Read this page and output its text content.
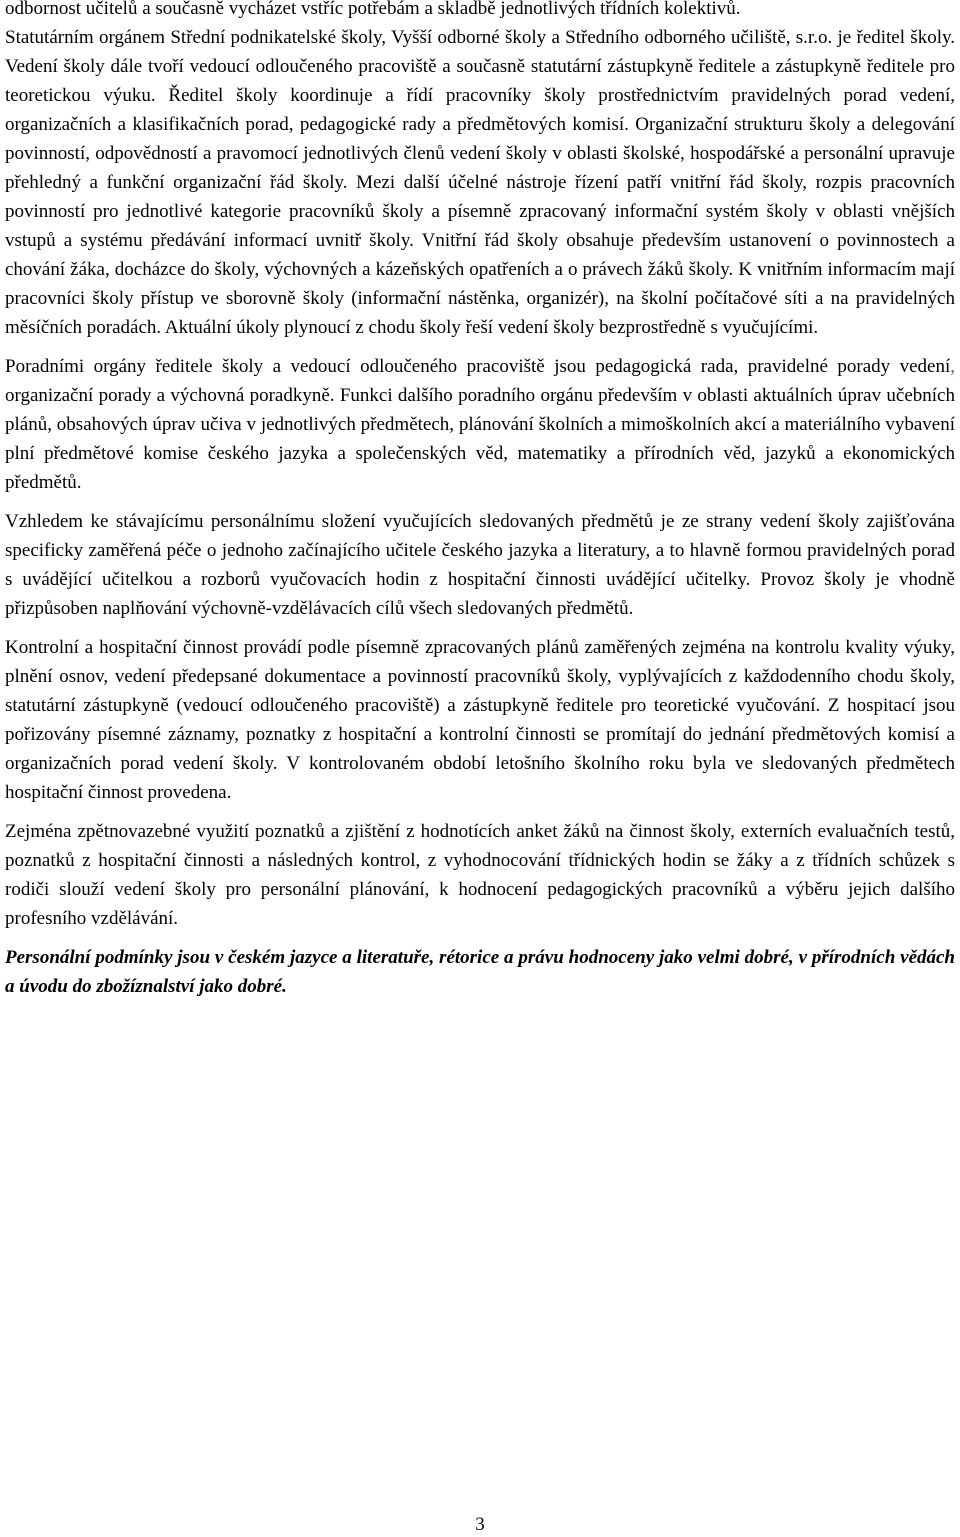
odbornost učitelů a současně vycházet vstříc potřebám a skladbě jednotlivých třídních kolektivů.

Statutárním orgánem Střední podnikatelské školy, Vyšší odborné školy a Středního odborného učiliště, s.r.o. je ředitel školy. Vedení školy dále tvoří vedoucí odloučeného pracoviště a současně statutární zástupkyně ředitele a zástupkyně ředitele pro teoretickou výuku. Ředitel školy koordinuje a řídí pracovníky školy prostřednictvím pravidelných porad vedení, organizačních a klasifikačních porad, pedagogické rady a předmětových komisí. Organizační strukturu školy a delegování povinností, odpovědností a pravomocí jednotlivých členů vedení školy v oblasti školské, hospodářské a personální upravuje přehledný a funkční organizační řád školy. Mezi další účelné nástroje řízení patří vnitřní řád školy, rozpis pracovních povinností pro jednotlivé kategorie pracovníků školy a písemně zpracovaný informační systém školy v oblasti vnějších vstupů a systému předávání informací uvnitř školy. Vnitřní řád školy obsahuje především ustanovení o povinnostech a chování žáka, docházce do školy, výchovných a kázeňských opatřeních a o právech žáků školy. K vnitřním informacím mají pracovníci školy přístup ve sborovně školy (informační nástěnka, organizér), na školní počítačové síti a na pravidelných měsíčních poradách. Aktuální úkoly plynoucí z chodu školy řeší vedení školy bezprostředně s vyučujícími.

Poradními orgány ředitele školy a vedoucí odloučeného pracoviště jsou pedagogická rada, pravidelné porady vedení, organizační porady a výchovná poradkyně. Funkci dalšího poradního orgánu především v oblasti aktuálních úprav učebních plánů, obsahových úprav učiva v jednotlivých předmětech, plánování školních a mimoškolních akcí a materiálního vybavení plní předmětové komise českého jazyka a společenských věd, matematiky a přírodních věd, jazyků a ekonomických předmětů.

Vzhledem ke stávajícímu personálnímu složení vyučujících sledovaných předmětů je ze strany vedení školy zajišťována specificky zaměřená péče o jednoho začínajícího učitele českého jazyka a literatury, a to hlavně formou pravidelných porad s uvádějící učitelkou a rozborů vyučovacích hodin z hospitační činnosti uvádějící učitelky. Provoz školy je vhodně přizpůsoben naplňování výchovně-vzdělávacích cílů všech sledovaných předmětů.

Kontrolní a hospitační činnost provádí podle písemně zpracovaných plánů zaměřených zejména na kontrolu kvality výuky, plnění osnov, vedení předepsané dokumentace a povinností pracovníků školy, vyplývajících z každodenního chodu školy, statutární zástupkyně (vedoucí odloučeného pracoviště) a zástupkyně ředitele pro teoretické vyučování. Z hospitací jsou pořizovány písemné záznamy, poznatky z hospitační a kontrolní činnosti se promítají do jednání předmětových komisí a organizačních porad vedení školy. V kontrolovaném období letošního školního roku byla ve sledovaných předmětech hospitační činnost provedena.

Zejména zpětnovazebné využití poznatků a zjištění z hodnotících anket žáků na činnost školy, externích evaluačních testů, poznatků z hospitační činnosti a následných kontrol, z vyhodnocování třídnických hodin se žáky a z třídních schůzek s rodiči slouží vedení školy pro personální plánování, k hodnocení pedagogických pracovníků a výběru jejich dalšího profesního vzdělávání.

Personální podmínky jsou v českém jazyce a literatuře, rétorice a právu hodnoceny jako velmi dobré, v přírodních vědách a úvodu do zbožíznalství jako dobré.

3
